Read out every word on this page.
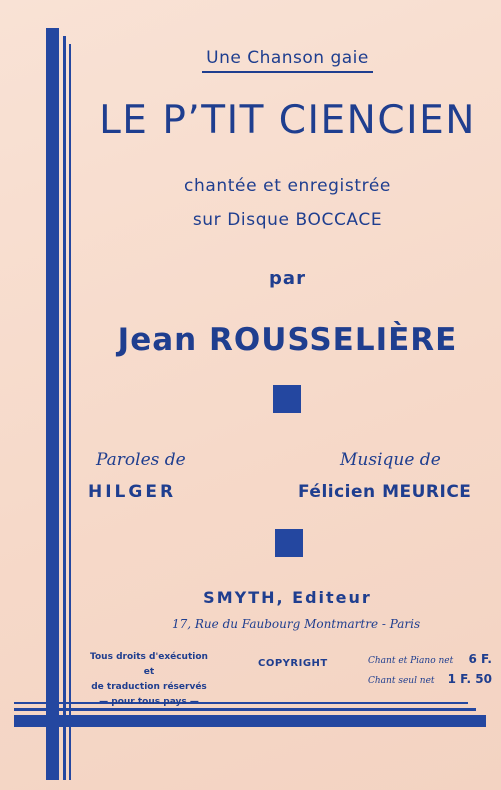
Une Chanson gaie
LE P’TIT CIENCIEN
chantée et enregistrée
sur Disque BOCCACE
par
Jean ROUSSELIÈRE
Paroles de	Musique de
HILGER	Félicien MEURICE
SMYTH, Editeur
17, Rue du Faubourg Montmartre - Paris
Tous droits d'exécution et
de traduction réservés
— pour tous pays —
COPYRIGHT	Chant et Piano net 6 F.
Chant seul net 1 F. 50
